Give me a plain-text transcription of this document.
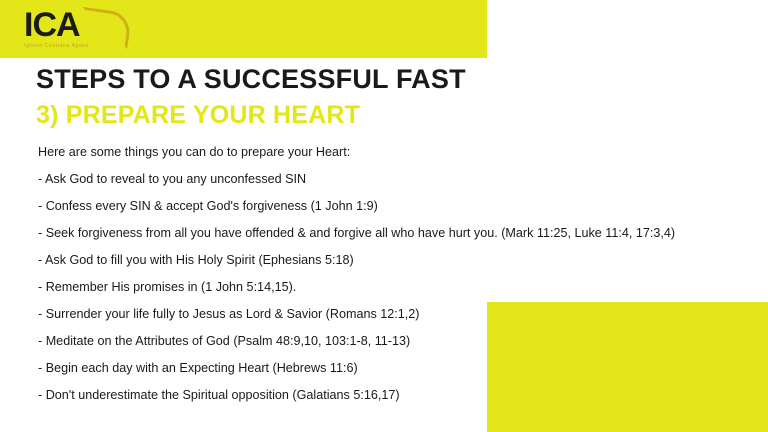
ICA
Iglesia Cristiana Agape
STEPS TO A SUCCESSFUL FAST
3) PREPARE YOUR HEART
Here are some things you can do to prepare your Heart:
- Ask God to reveal to you any unconfessed SIN
- Confess every SIN & accept God's forgiveness (1 John 1:9)
- Seek forgiveness from all you have offended & and forgive all who have hurt you. (Mark 11:25, Luke 11:4, 17:3,4)
- Ask God to fill you with His Holy Spirit (Ephesians 5:18)
- Remember His promises in (1 John 5:14,15).
- Surrender your life fully to Jesus as Lord & Savior (Romans 12:1,2)
- Meditate on the Attributes of God (Psalm 48:9,10, 103:1-8, 11-13)
- Begin each day with an Expecting Heart (Hebrews 11:6)
- Don't underestimate the Spiritual opposition (Galatians 5:16,17)
